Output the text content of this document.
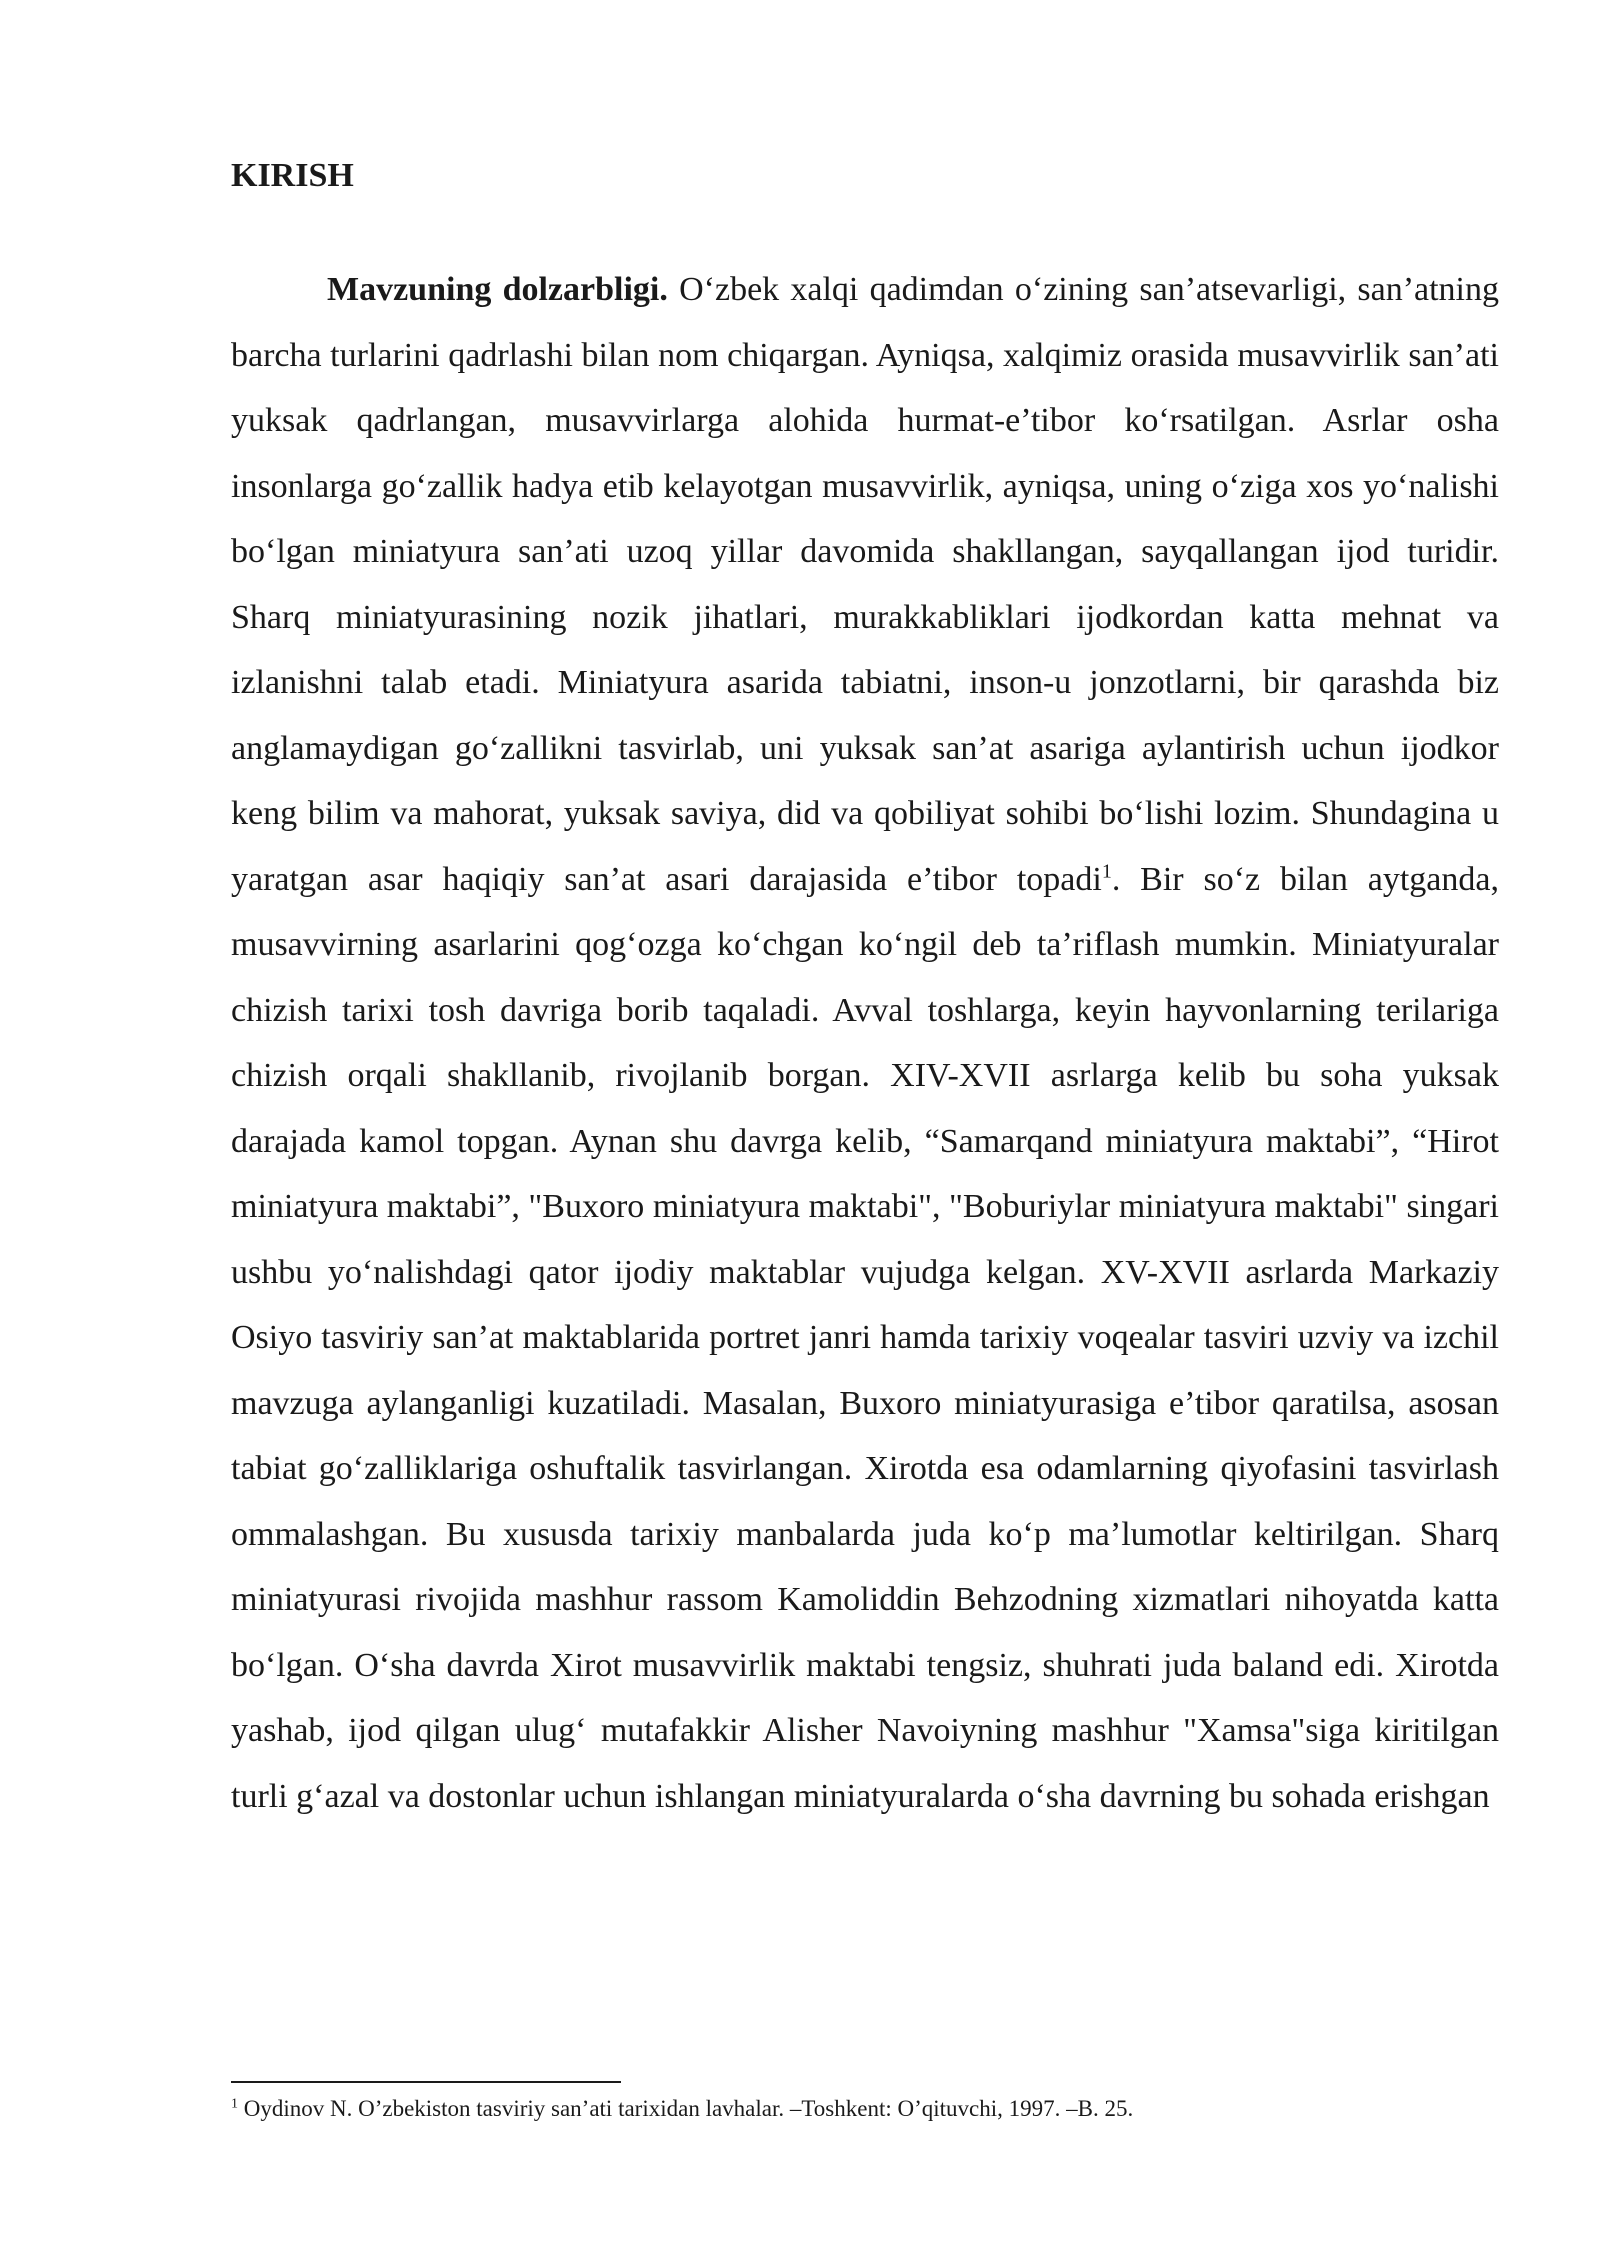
KIRISH

Mavzuning dolzarbligi. O‘zbek xalqi qadimdan o‘zining san’atsevarligi, san’atning barcha turlarini qadrlashi bilan nom chiqargan. Ayniqsa, xalqimiz orasida musavvirlik san’ati yuksak qadrlangan, musavvirlarga alohida hurmat-e’tibor ko‘rsatilgan. Asrlar osha insonlarga go‘zallik hadya etib kelayotgan musavvirlik, ayniqsa, uning o‘ziga xos yo‘nalishi bo‘lgan miniatyura san’ati uzoq yillar davomida shakllangan, sayqallangan ijod turidir. Sharq miniatyurasining nozik jihatlari, murakkabliklari ijodkordan katta mehnat va izlanishni talab etadi. Miniatyura asarida tabiatni, inson-u jonzotlarni, bir qarashda biz anglamaydigan go‘zallikni tasvirlab, uni yuksak san’at asariga aylantirish uchun ijodkor keng bilim va mahorat, yuksak saviya, did va qobiliyat sohibi bo‘lishi lozim. Shundagina u yaratgan asar haqiqiy san’at asari darajasida e’tibor topadi$^1$. Bir so‘z bilan aytganda, musavvirning asarlarini qog‘ozga ko‘chgan ko‘ngil deb ta’riflash mumkin. Miniatyuralar chizish tarixi tosh davriga borib taqaladi. Avval toshlarga, keyin hayvonlarning terilariga chizish orqali shakllanib, rivojlanib borgan. XIV-XVII asrlarga kelib bu soha yuksak darajada kamol topgan. Aynan shu davrga kelib, “Samarqand miniatyura maktabi”, “Hirot miniatyura maktabi”, "Buxoro miniatyura maktabi", "Boburiylar miniatyura maktabi" singari ushbu yo‘nalishdagi qator ijodiy maktablar vujudga kelgan. XV-XVII asrlarda Markaziy Osiyo tasviriy san’at maktablarida portret janri hamda tarixiy voqealar tasviri uzviy va izchil mavzuga aylanganligi kuzatiladi. Masalan, Buxoro miniatyurasiga e’tibor qaratilsa, asosan tabiat go‘zalliklariga oshuftalik tasvirlangan. Xirotda esa odamlarning qiyofasini tasvirlash ommalashgan. Bu xususda tarixiy manbalarda juda ko‘p ma’lumotlar keltirilgan. Sharq miniatyurasi rivojida mashhur rassom Kamoliddin Behzodning xizmatlari nihoyatda katta bo‘lgan. O‘sha davrda Xirot musavvirlik maktabi tengsiz, shuhrati juda baland edi. Xirotda yashab, ijod qilgan ulug‘ mutafakkir Alisher Navoiyning mashhur "Xamsa"siga kiritilgan turli g‘azal va dostonlar uchun ishlangan miniatyuralarda o‘sha davrning bu sohada erishgan

$^1$ Oydinov N. O’zbekiston tasviriy san’ati tarixidan lavhalar. –Toshkent: O’qituvchi, 1997. –B. 25.
